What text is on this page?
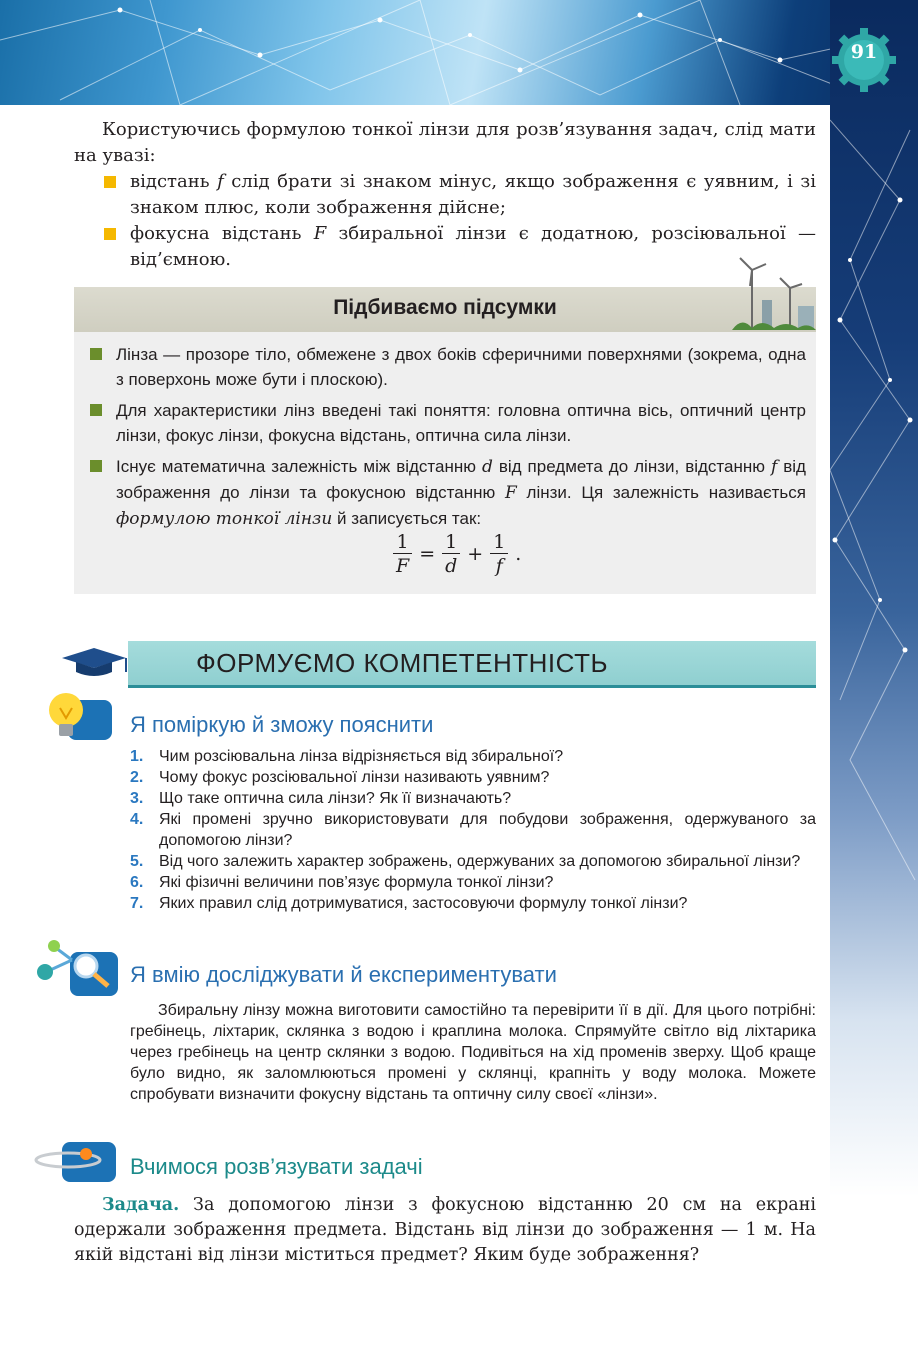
91

Користуючись формулою тонкої лінзи для розв’язування задач, слід мати на увазі:

відстань f слід брати зі знаком мінус, якщо зображення є уявним, і зі знаком плюс, коли зображення дійсне;
фокусна відстань F збиральної лінзи є додатною, розсіювальної — від’ємною.
Підбиваємо підсумки
Лінза — прозоре тіло, обмежене з двох боків сферичними поверхнями (зокрема, одна з поверхонь може бути і плоскою).
Для характеристики лінз введені такі поняття: головна оптична вісь, оптичний центр лінзи, фокус лінзи, фокусна відстань, оптична сила лінзи.
Існує математична залежність між відстанню d від предмета до лінзи, відстанню f від зображення до лінзи та фокусною відстанню F лінзи. Ця залежність називається формулою тонкої лінзи й записується так:
$\frac{1}{F} = \frac{1}{d} + \frac{1}{f}$ .
ФОРМУЄМО КОМПЕТЕНТНІСТЬ
Я поміркую й зможу пояснити
1. Чим розсіювальна лінза відрізняється від збиральної?
2. Чому фокус розсіювальної лінзи називають уявним?
3. Що таке оптична сила лінзи? Як її визначають?
4. Які промені зручно використовувати для побудови зображення, одержуваного за допомогою лінзи?
5. Від чого залежить характер зображень, одержуваних за допомогою збиральної лінзи?
6. Які фізичні величини пов’язує формула тонкої лінзи?
7. Яких правил слід дотримуватися, застосовуючи формулу тонкої лінзи?
Я вмію досліджувати й експериментувати
Збиральну лінзу можна виготовити самостійно та перевірити її в дії. Для цього потрібні: гребінець, ліхтарик, склянка з водою і краплина молока. Спрямуйте світло від ліхтарика через гребінець на центр склянки з водою. Подивіться на хід променів зверху. Щоб краще було видно, як заломлюються промені у склянці, крапніть у воду молока. Можете спробувати визначити фокусну відстань та оптичну силу своєї «лінзи».
Вчимося розв’язувати задачі
Задача. За допомогою лінзи з фокусною відстанню 20 см на екрані одержали зображення предмета. Відстань від лінзи до зображення — 1 м. На якій відстані від лінзи міститься предмет? Яким буде зображення?
